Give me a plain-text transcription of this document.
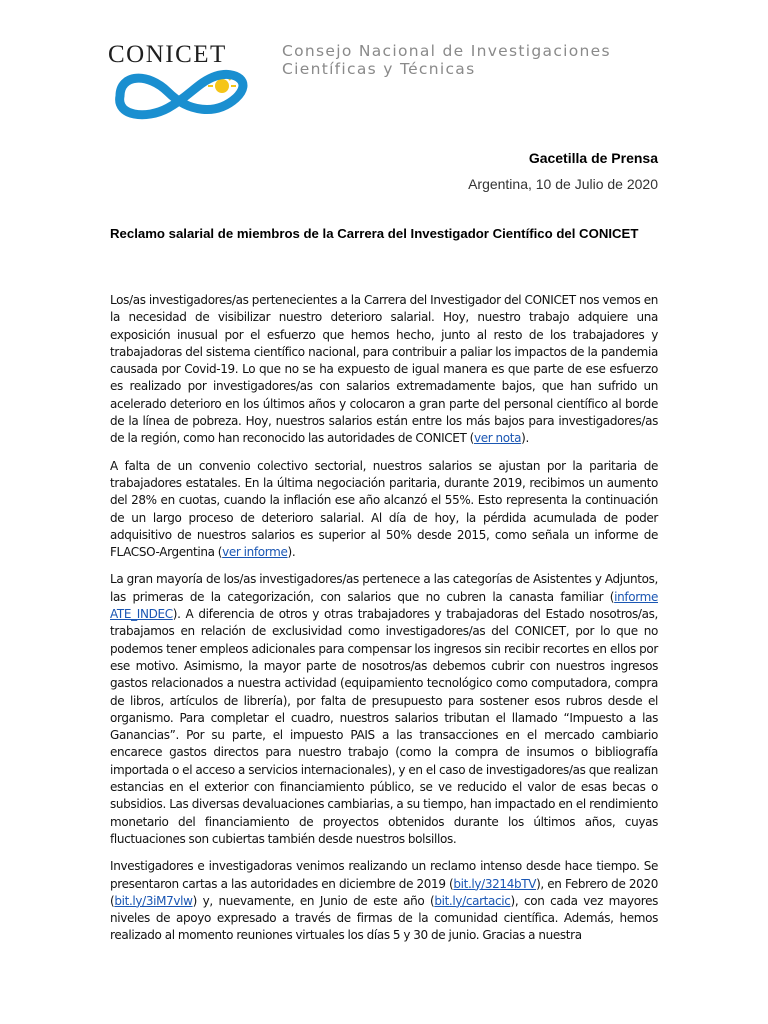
CONICET	Consejo Nacional de Investigaciones
Científicas y Técnicas
Gacetilla de Prensa
Argentina, 10 de Julio de 2020
Reclamo salarial de miembros de la Carrera del Investigador Científico del CONICET

Los/as investigadores/as pertenecientes a la Carrera del Investigador del CONICET nos vemos en la necesidad de visibilizar nuestro deterioro salarial. Hoy, nuestro trabajo adquiere una exposición inusual por el esfuerzo que hemos hecho, junto al resto de los trabajadores y trabajadoras del sistema científico nacional, para contribuir a paliar los impactos de la pandemia causada por Covid-19. Lo que no se ha expuesto de igual manera es que parte de ese esfuerzo es realizado por investigadores/as con salarios extremadamente bajos, que han sufrido un acelerado deterioro en los últimos años y colocaron a gran parte del personal científico al borde de la línea de pobreza. Hoy, nuestros salarios están entre los más bajos para investigadores/as de la región, como han reconocido las autoridades de CONICET (ver nota).

A falta de un convenio colectivo sectorial, nuestros salarios se ajustan por la paritaria de trabajadores estatales. En la última negociación paritaria, durante 2019, recibimos un aumento del 28% en cuotas, cuando la inflación ese año alcanzó el 55%. Esto representa la continuación de un largo proceso de deterioro salarial. Al día de hoy, la pérdida acumulada de poder adquisitivo de nuestros salarios es superior al 50% desde 2015, como señala un informe de FLACSO-Argentina (ver informe).

La gran mayoría de los/as investigadores/as pertenece a las categorías de Asistentes y Adjuntos, las primeras de la categorización, con salarios que no cubren la canasta familiar (informe ATE_INDEC). A diferencia de otros y otras trabajadores y trabajadoras del Estado nosotros/as, trabajamos en relación de exclusividad como investigadores/as del CONICET, por lo que no podemos tener empleos adicionales para compensar los ingresos sin recibir recortes en ellos por ese motivo. Asimismo, la mayor parte de nosotros/as debemos cubrir con nuestros ingresos gastos relacionados a nuestra actividad (equipamiento tecnológico como computadora, compra de libros, artículos de librería), por falta de presupuesto para sostener esos rubros desde el organismo. Para completar el cuadro, nuestros salarios tributan el llamado “Impuesto a las Ganancias”. Por su parte, el impuesto PAIS a las transacciones en el mercado cambiario encarece gastos directos para nuestro trabajo (como la compra de insumos o bibliografía importada o el acceso a servicios internacionales), y en el caso de investigadores/as que realizan estancias en el exterior con financiamiento público, se ve reducido el valor de esas becas o subsidios. Las diversas devaluaciones cambiarias, a su tiempo, han impactado en el rendimiento monetario del financiamiento de proyectos obtenidos durante los últimos años, cuyas fluctuaciones son cubiertas también desde nuestros bolsillos.

Investigadores e investigadoras venimos realizando un reclamo intenso desde hace tiempo. Se presentaron cartas a las autoridades en diciembre de 2019 (bit.ly/3214bTV), en Febrero de 2020 (bit.ly/3iM7vlw) y, nuevamente, en Junio de este año (bit.ly/cartacic), con cada vez mayores niveles de apoyo expresado a través de firmas de la comunidad científica. Además, hemos realizado al momento reuniones virtuales los días 5 y 30 de junio. Gracias a nuestra
